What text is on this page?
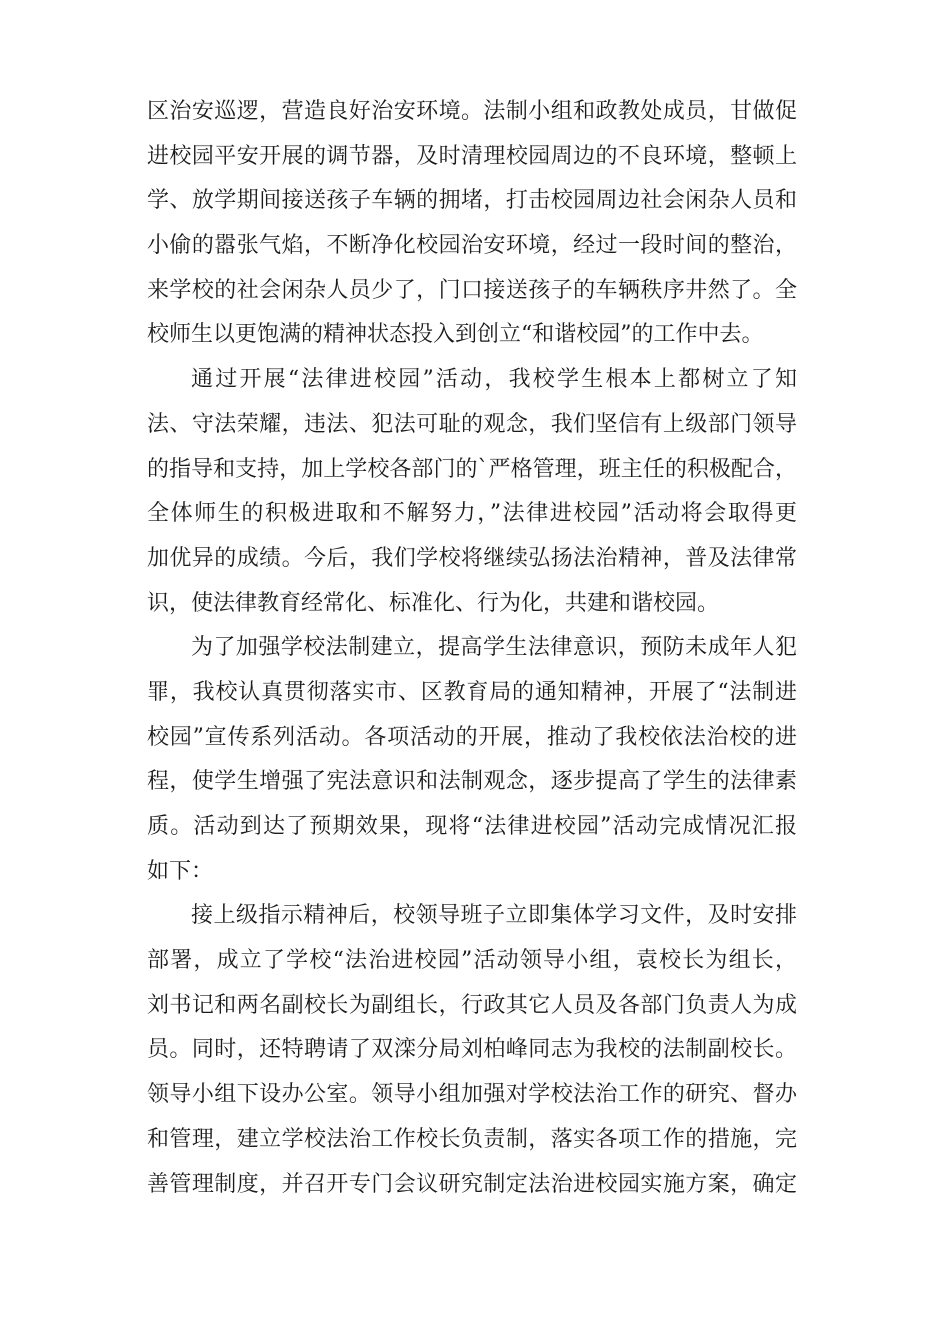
区治安巡逻，营造良好治安环境。法制小组和政教处成员，甘做促
进校园平安开展的调节器，及时清理校园周边的不良环境，整顿上
学、放学期间接送孩子车辆的拥堵，打击校园周边社会闲杂人员和
小偷的嚣张气焰，不断净化校园治安环境，经过一段时间的整治，
来学校的社会闲杂人员少了，门口接送孩子的车辆秩序井然了。全
校师生以更饱满的精神状态投入到创立“和谐校园”的工作中去。
通过开展“法律进校园”活动，我校学生根本上都树立了知
法、守法荣耀，违法、犯法可耻的观念，我们坚信有上级部门领导
的指导和支持，加上学校各部门的`严格管理，班主任的积极配合，
全体师生的积极进取和不解努力，”法律进校园”活动将会取得更
加优异的成绩。今后，我们学校将继续弘扬法治精神，普及法律常
识，使法律教育经常化、标准化、行为化，共建和谐校园。
为了加强学校法制建立，提高学生法律意识，预防未成年人犯
罪，我校认真贯彻落实市、区教育局的通知精神，开展了“法制进
校园”宣传系列活动。各项活动的开展，推动了我校依法治校的进
程，使学生增强了宪法意识和法制观念，逐步提高了学生的法律素
质。活动到达了预期效果，现将“法律进校园”活动完成情况汇报
如下：
接上级指示精神后，校领导班子立即集体学习文件，及时安排
部署，成立了学校“法治进校园”活动领导小组，袁校长为组长，
刘书记和两名副校长为副组长，行政其它人员及各部门负责人为成
员。同时，还特聘请了双滦分局刘柏峰同志为我校的法制副校长。
领导小组下设办公室。领导小组加强对学校法治工作的研究、督办
和管理，建立学校法治工作校长负责制，落实各项工作的措施，完
善管理制度，并召开专门会议研究制定法治进校园实施方案，确定
